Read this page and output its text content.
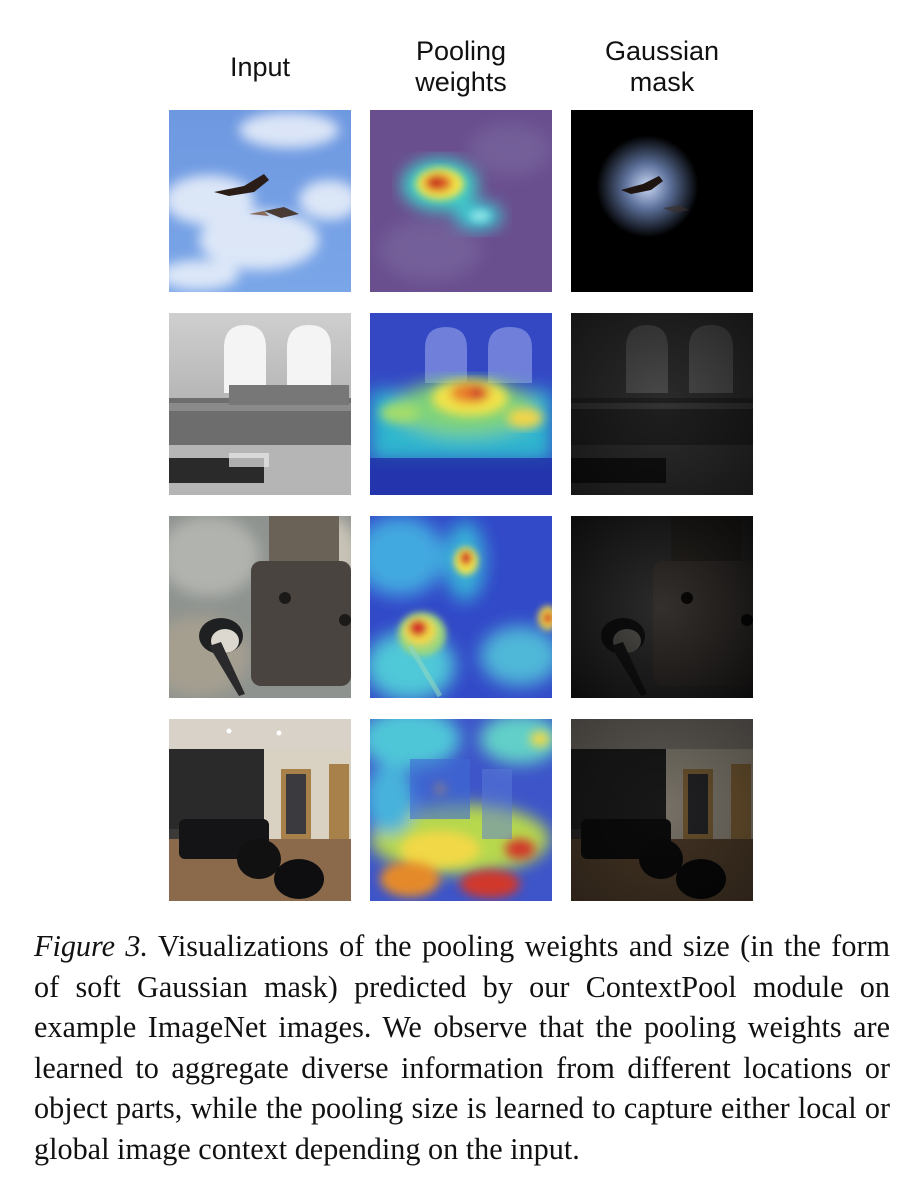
Input
Pooling
weights
Gaussian
mask
Figure 3. Visualizations of the pooling weights and size (in the form of soft Gaussian mask) predicted by our ContextPool module on example ImageNet images. We observe that the pooling weights are learned to aggregate diverse information from different locations or object parts, while the pooling size is learned to capture either local or global image context depending on the input.
